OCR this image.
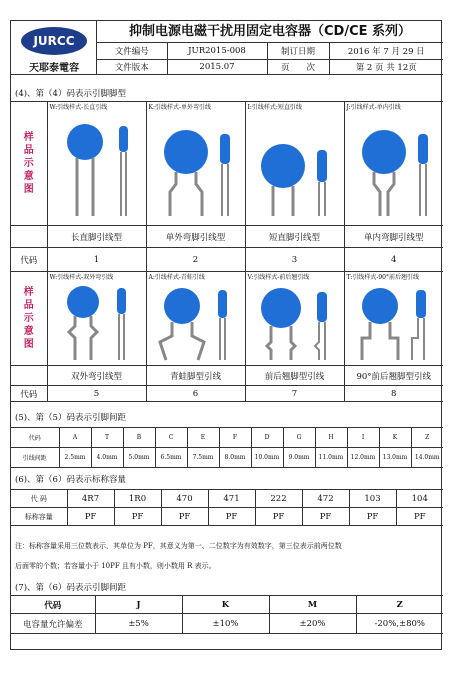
JURCC
天耶泰電容
抑制电源电磁干扰用固定电容器（CD/CE 系列）
文件编号	JUR2015-008	制订日期	2016 年 7 月 29 日
文件版本	2015.07	页　　次	第 2 页 共 12页
(4)、第（4）码表示引脚脚型
样
品
示
意
图	W:引线样式-长直引线	K:引线样式-单外弯引线	I:引线样式:短直引线	J:引线样式-单内引线

	长直脚引线型	单外弯脚引线型	短直脚引线型	单内弯脚引线型
代码	1	2	3	4

样
品
示
意
图	W:引线样式-双外弯引线	A:引线样式-青蛙引线	V:引线样式-前后翘引线	T:引线样式-90°前后翘引线

	双外弯引线型	青蛙脚型引线	前后翘脚型引线	90°前后翘脚型引线
代码	5	6	7	8
(5)、第（5）码表示引脚间距
代码	A	T	B	C	E	F	D	G	H	I	K	Z
引线间距	2.5mm	4.0mm	5.0mm	6.5mm	7.5mm	8.0mm	10.0mm	9.0mm	11.0mm	12.0mm	13.0mm	14.0mm
(6)、第（6）码表示标称容量
代 码	4R7	1R0	470	471	222	472	103	104
标称容量	PF	PF	PF	PF	PF	PF	PF	PF
注：标称容量采用三位数表示，其单位为 PF，其意义为第一、二位数字为有效数字，第三位表示前两位数
后面零的个数；若容量小于 10PF 且有小数，则小数用 R 表示。
(7)、第（6）码表示引脚间距
代码	J	K	M	Z
电容量允许偏差	±5%	±10%	±20%	-20%,±80%
